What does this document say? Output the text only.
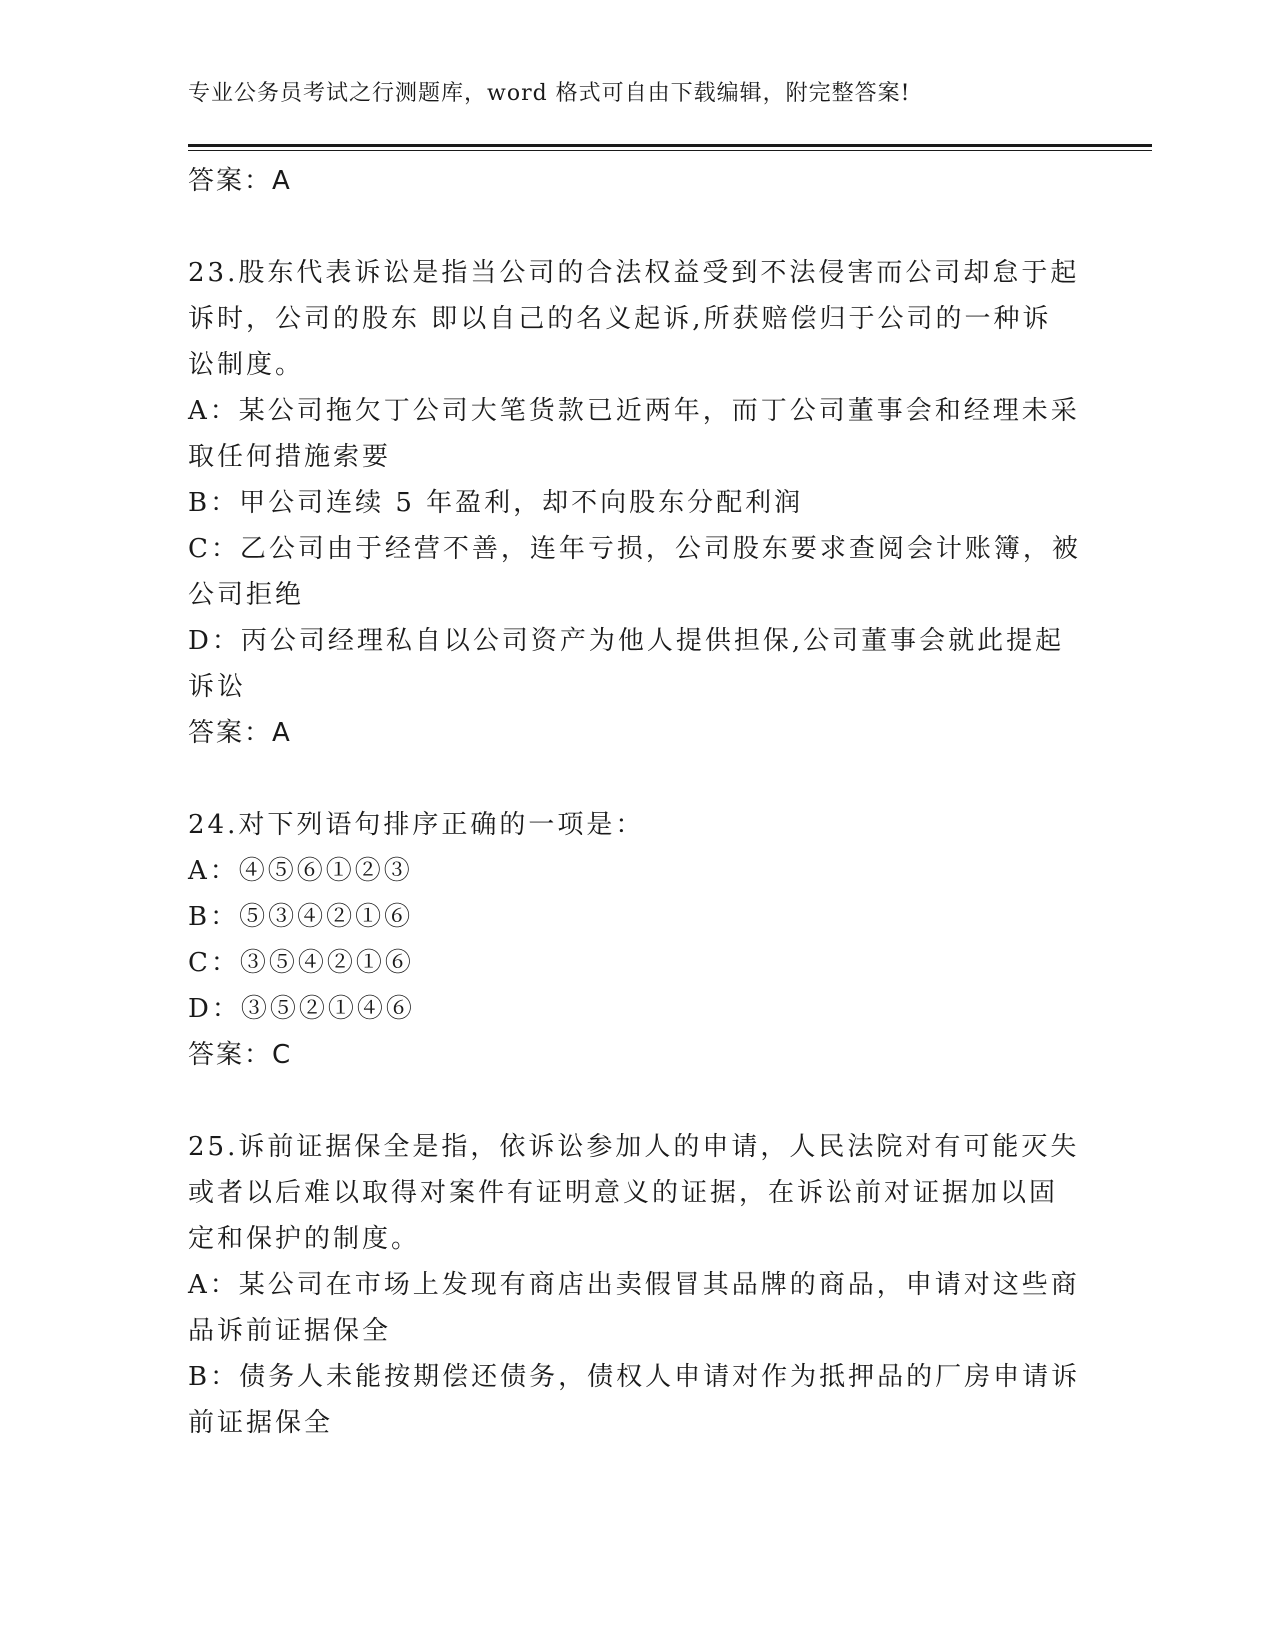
专业公务员考试之行测题库，word 格式可自由下载编辑，附完整答案!

答案：A

23.股东代表诉讼是指当公司的合法权益受到不法侵害而公司却怠于起

诉时，公司的股东 即以自己的名义起诉,所获赔偿归于公司的一种诉

讼制度。

A：某公司拖欠丁公司大笔货款已近两年，而丁公司董事会和经理未采

取任何措施索要

B：甲公司连续 5 年盈利，却不向股东分配利润

C：乙公司由于经营不善，连年亏损，公司股东要求查阅会计账簿，被

公司拒绝

D：丙公司经理私自以公司资产为他人提供担保,公司董事会就此提起

诉讼

答案：A

24.对下列语句排序正确的一项是：

A：④⑤⑥①②③

B：⑤③④②①⑥

C：③⑤④②①⑥

D：③⑤②①④⑥

答案：C

25.诉前证据保全是指，依诉讼参加人的申请，人民法院对有可能灭失

或者以后难以取得对案件有证明意义的证据，在诉讼前对证据加以固

定和保护的制度。

A：某公司在市场上发现有商店出卖假冒其品牌的商品，申请对这些商

品诉前证据保全

B：债务人未能按期偿还债务，债权人申请对作为抵押品的厂房申请诉

前证据保全
